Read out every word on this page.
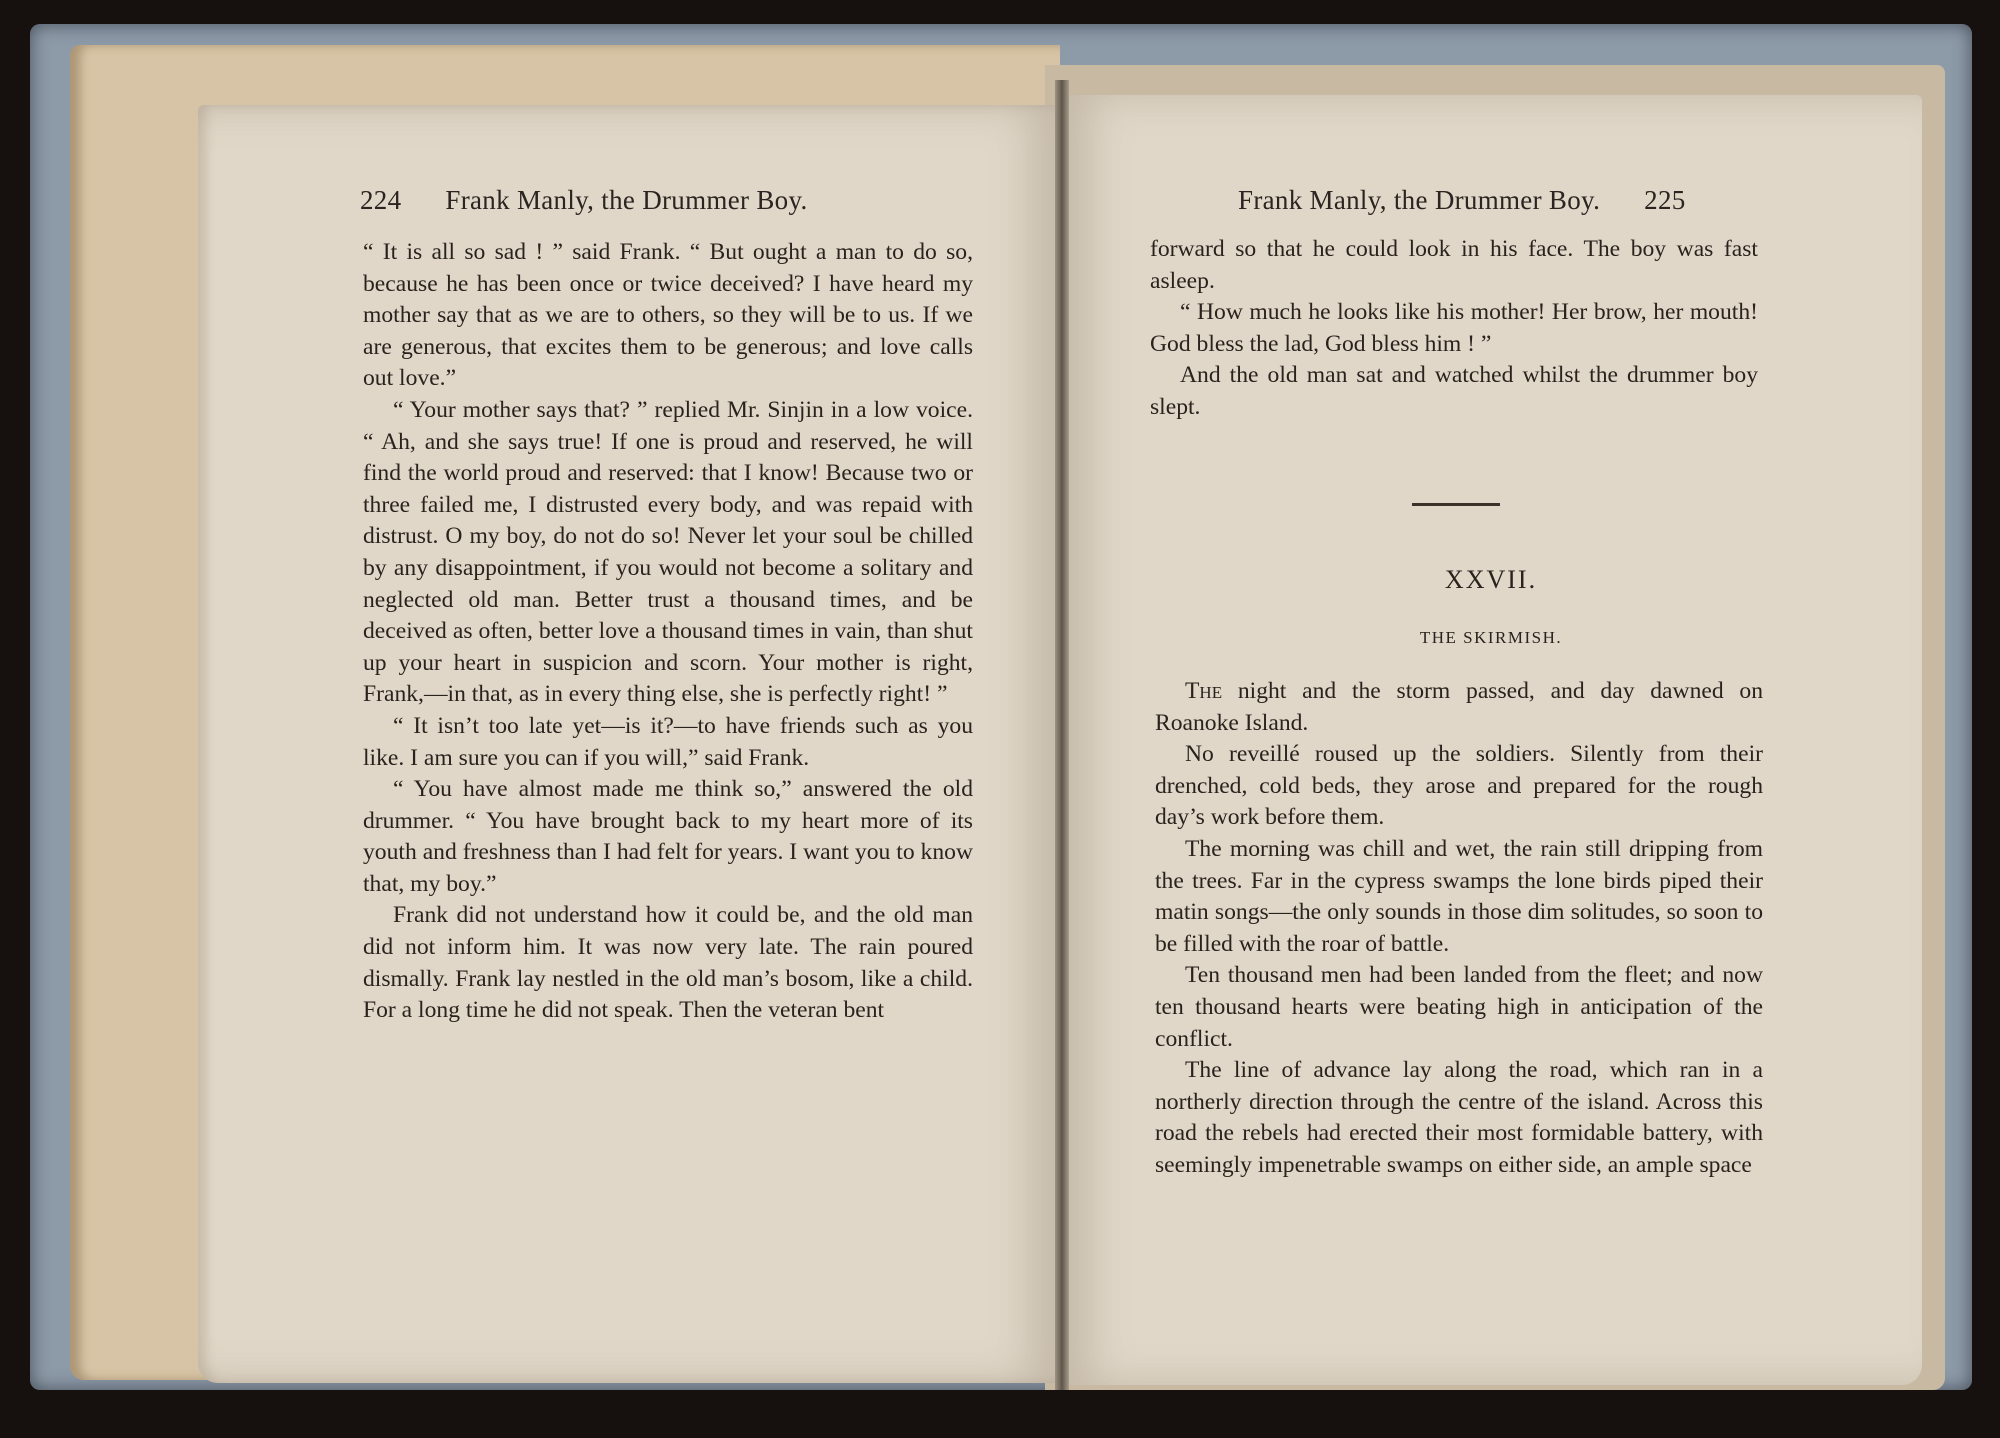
224 Frank Manly, the Drummer Boy.	Frank Manly, the Drummer Boy. 225

“ It is all so sad ! ” said Frank. “ But ought a man to do so, because he has been once or twice deceived? I have heard my mother say that as we are to others, so they will be to us. If we are generous, that excites them to be generous; and love calls out love.”

“ Your mother says that? ” replied Mr. Sinjin in a low voice. “ Ah, and she says true! If one is proud and reserved, he will find the world proud and reserved: that I know! Because two or three failed me, I distrusted every body, and was repaid with distrust. O my boy, do not do so! Never let your soul be chilled by any disappointment, if you would not become a solitary and neglected old man. Better trust a thousand times, and be deceived as often, better love a thousand times in vain, than shut up your heart in suspicion and scorn. Your mother is right, Frank,—in that, as in every thing else, she is perfectly right! ”

“ It isn’t too late yet—is it?—to have friends such as you like. I am sure you can if you will,” said Frank.

“ You have almost made me think so,” answered the old drummer. “ You have brought back to my heart more of its youth and freshness than I had felt for years. I want you to know that, my boy.”

Frank did not understand how it could be, and the old man did not inform him. It was now very late. The rain poured dismally. Frank lay nestled in the old man’s bosom, like a child. For a long time he did not speak. Then the veteran bent

forward so that he could look in his face. The boy was fast asleep.

“ How much he looks like his mother! Her brow, her mouth! God bless the lad, God bless him ! ”

And the old man sat and watched whilst the drummer boy slept.

XXVII.
THE SKIRMISH.

The night and the storm passed, and day dawned on Roanoke Island.

No reveillé roused up the soldiers. Silently from their drenched, cold beds, they arose and prepared for the rough day’s work before them.

The morning was chill and wet, the rain still dripping from the trees. Far in the cypress swamps the lone birds piped their matin songs—the only sounds in those dim solitudes, so soon to be filled with the roar of battle.

Ten thousand men had been landed from the fleet; and now ten thousand hearts were beating high in anticipation of the conflict.

The line of advance lay along the road, which ran in a northerly direction through the centre of the island. Across this road the rebels had erected their most formidable battery, with seemingly impenetrable swamps on either side, an ample space
